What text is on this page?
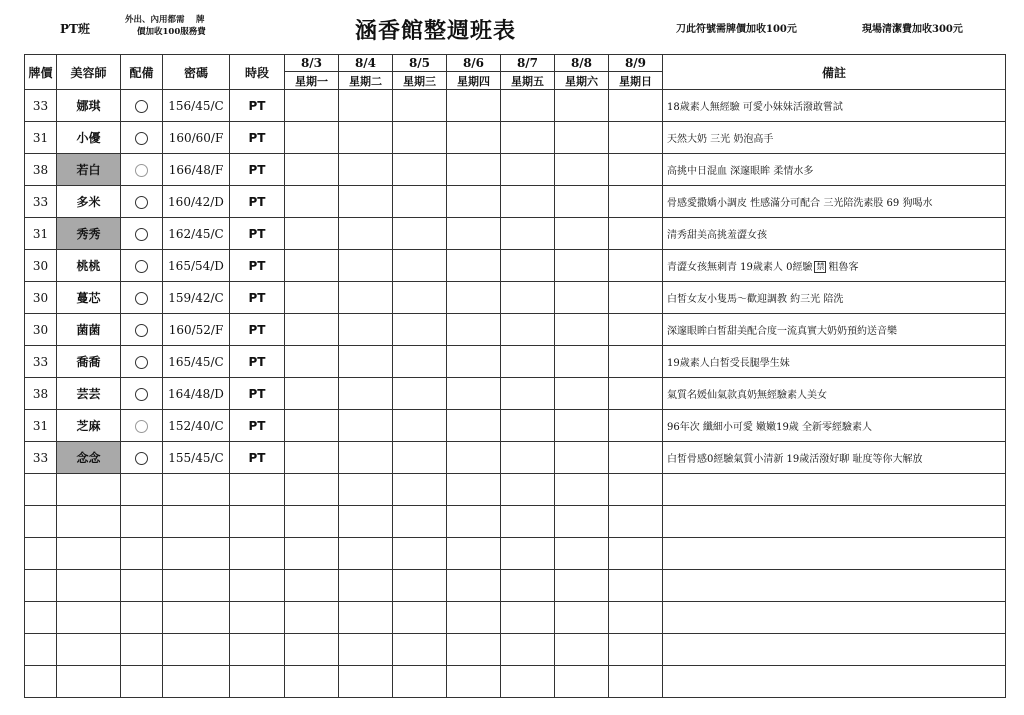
PT班
外出、內用都需　 牌
價加收100服務費	涵香館整週班表	刀此符號需牌價加收100元	現場清潔費加收300元
牌價	美容師	配備	密碼	時段	8/3	8/4	8/5	8/6	8/7	8/8	8/9	備註
					星期一	星期二	星期三	星期四	星期五	星期六	星期日	
33	娜琪		156/45/C	PT								18歲素人無經驗 可愛小妹妹活潑敢嘗試
31	小優		160/60/F	PT								天然大奶 三光 奶泡高手
38	若白		166/48/F	PT								高挑中日混血 深邃眼眸 柔情水多
33	多米		160/42/D	PT								骨感愛撒嬌小調皮 性感滿分可配合 三光陪洗素股 69 狗喝水
31	秀秀		162/45/C	PT								清秀甜美高挑羞澀女孩
30	桃桃		165/54/D	PT								青澀女孩無刺青 19歲素人 0經驗 禁 粗魯客
30	蔓芯		159/42/C	PT								白皙女友小隻馬～歡迎調教 約三光 陪洗
30	菌菌		160/52/F	PT								深邃眼眸白皙甜美配合度一流真實大奶奶預約送音樂
33	喬喬		165/45/C	PT								19歲素人白皙受長腿學生妹
38	芸芸		164/48/D	PT								氣質名媛仙氣款真奶無經驗素人美女
31	芝麻		152/40/C	PT								96年次 纖細小可愛 嫩嫩19歲 全新零經驗素人
33	念念		155/45/C	PT								白皙骨感0經驗氣質小清新 19歲活潑好聊 耻度等你大解放
